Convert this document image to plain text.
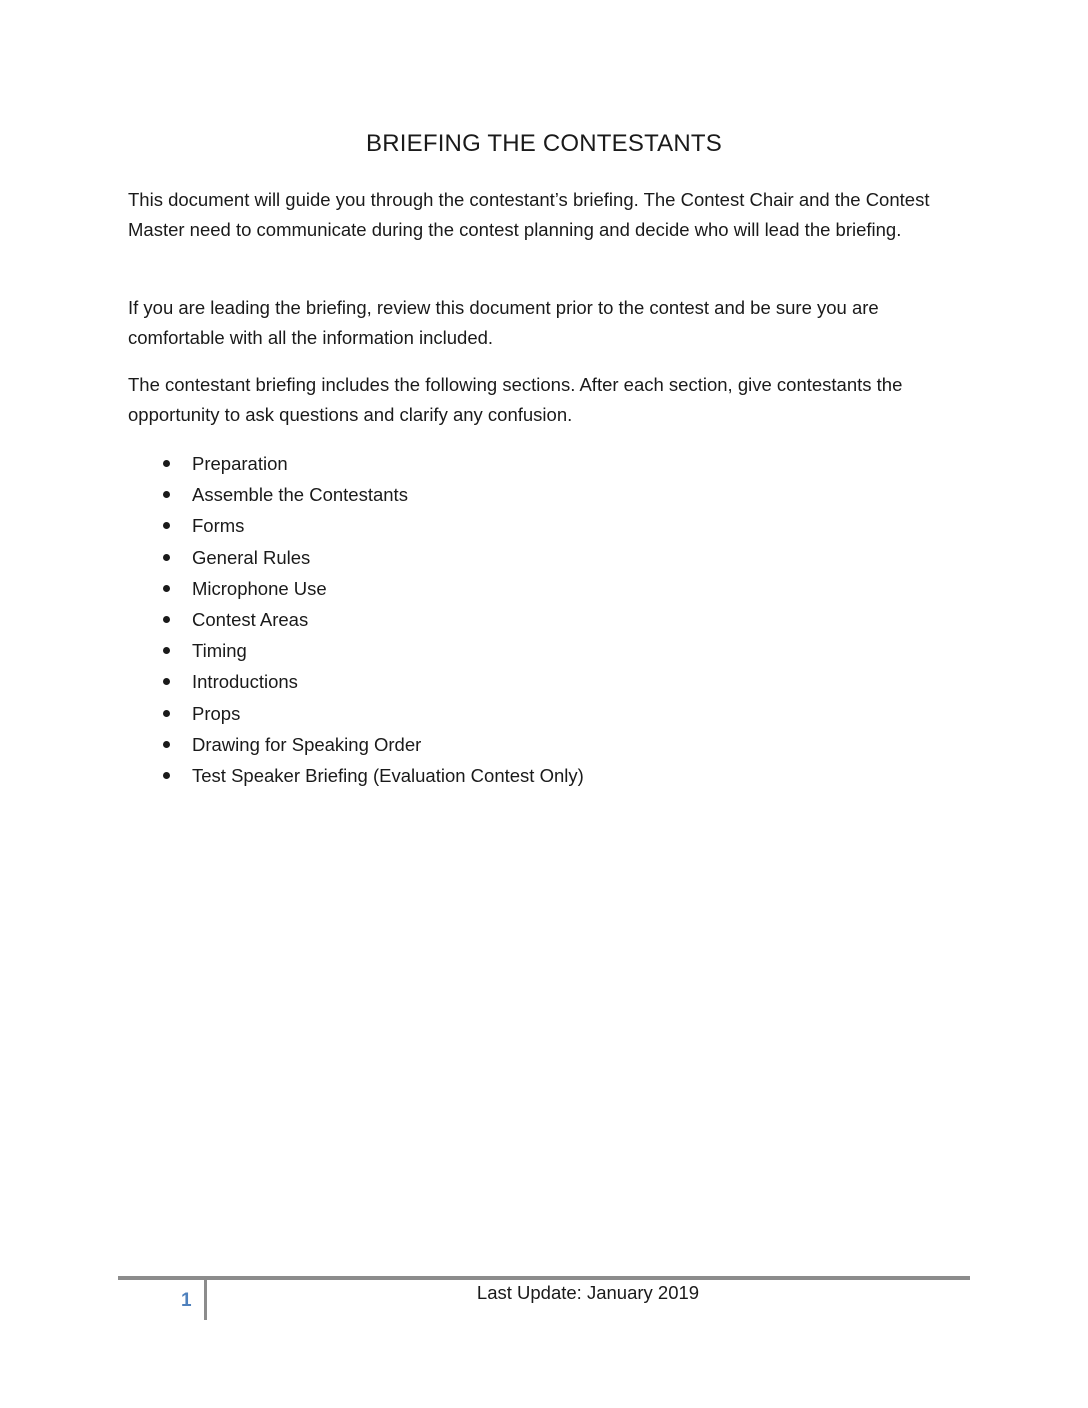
BRIEFING THE CONTESTANTS

This document will guide you through the contestant’s briefing. The Contest Chair and the Contest Master need to communicate during the contest planning and decide who will lead the briefing.

If you are leading the briefing, review this document prior to the contest and be sure you are comfortable with all the information included.

The contestant briefing includes the following sections. After each section, give contestants the opportunity to ask questions and clarify any confusion.

Preparation
Assemble the Contestants
Forms
General Rules
Microphone Use
Contest Areas
Timing
Introductions
Props
Drawing for Speaking Order
Test Speaker Briefing (Evaluation Contest Only)
1	Last Update: January 2019
